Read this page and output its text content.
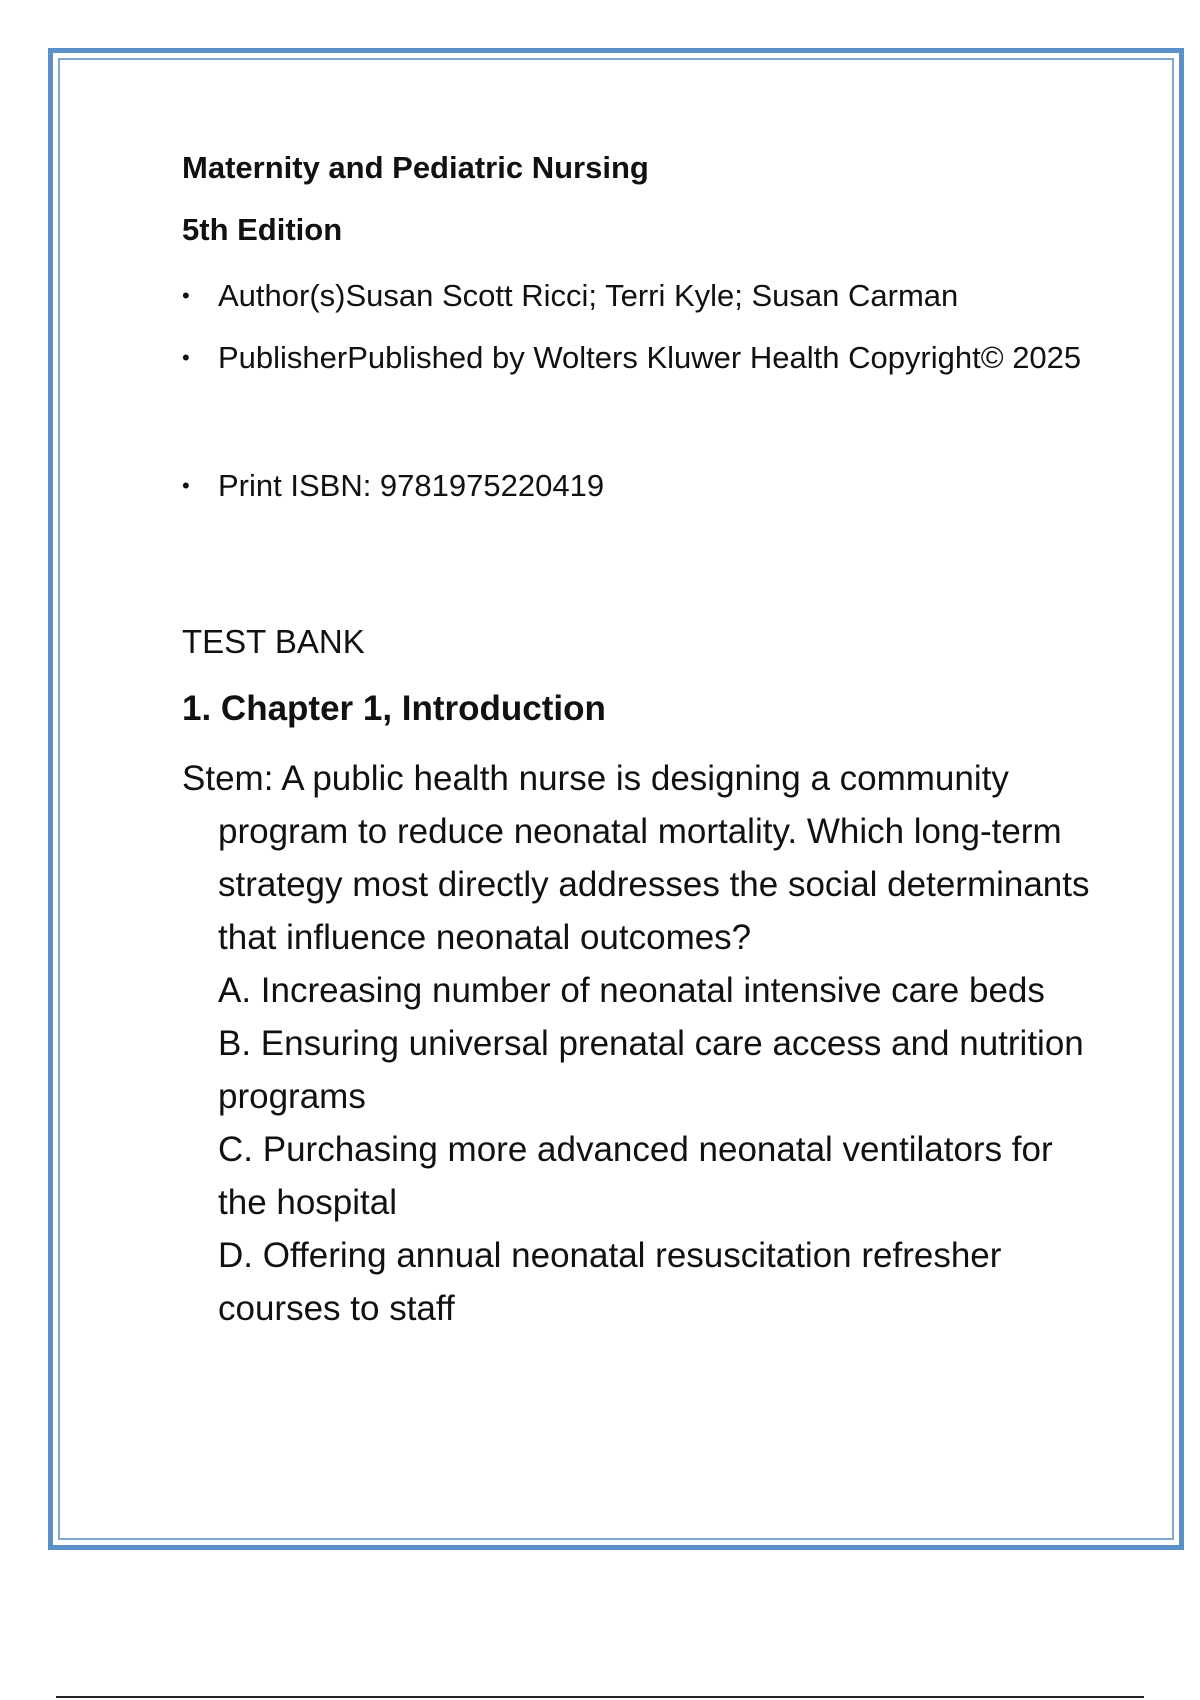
Maternity and Pediatric Nursing

5th Edition

• Author(s)Susan Scott Ricci; Terri Kyle; Susan Carman
• PublisherPublished by Wolters Kluwer Health Copyright© 2025
• Print ISBN: 9781975220419

TEST BANK

1. Chapter 1, Introduction

Stem: A public health nurse is designing a community program to reduce neonatal mortality. Which long-term strategy most directly addresses the social determinants that influence neonatal outcomes?

A. Increasing number of neonatal intensive care beds

B. Ensuring universal prenatal care access and nutrition programs

C. Purchasing more advanced neonatal ventilators for the hospital

D. Offering annual neonatal resuscitation refresher courses to staff
